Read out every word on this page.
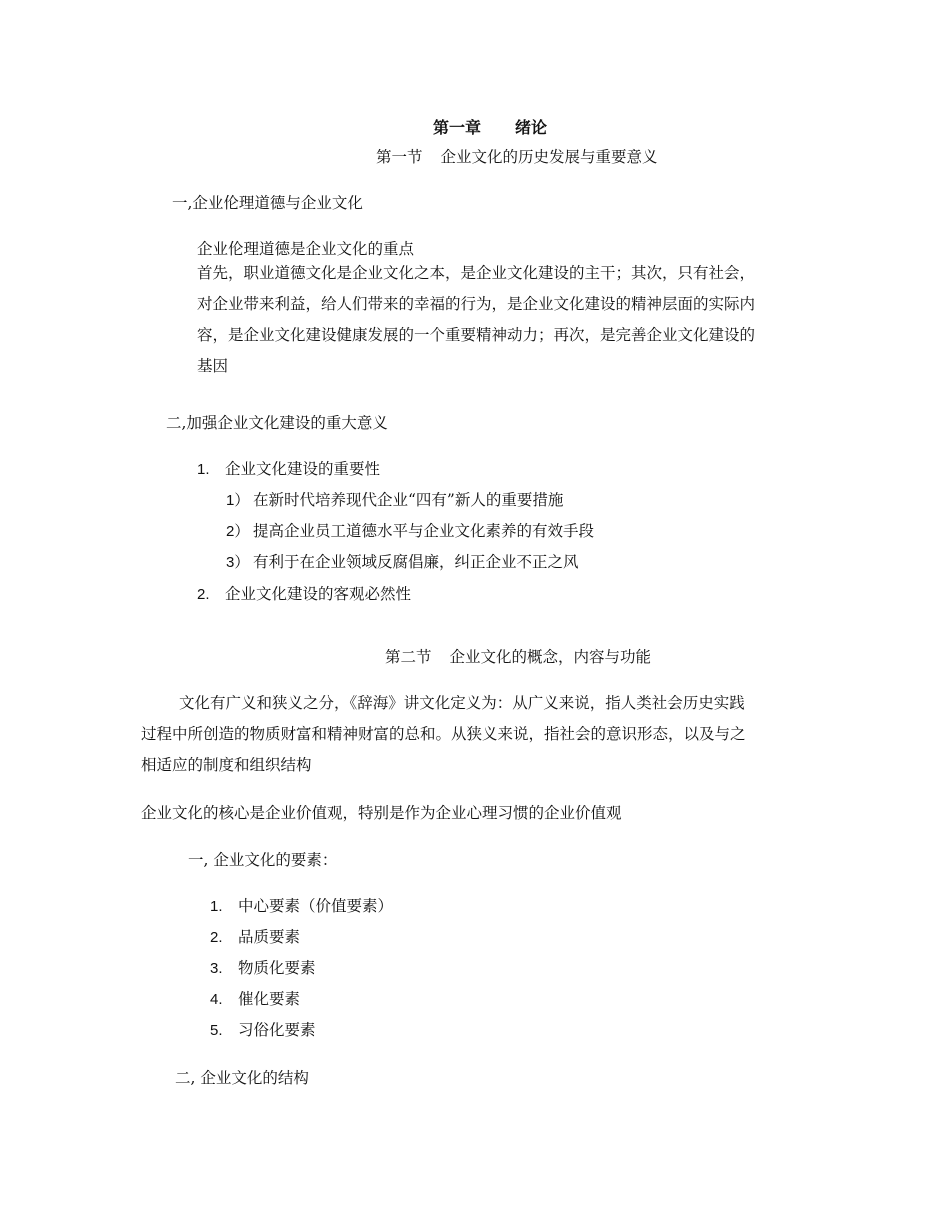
第一章 绪论
第一节 企业文化的历史发展与重要意义
一,企业伦理道德与企业文化
企业伦理道德是企业文化的重点
首先，职业道德文化是企业文化之本，是企业文化建设的主干；其次，只有社会，
对企业带来利益，给人们带来的幸福的行为，是企业文化建设的精神层面的实际内
容，是企业文化建设健康发展的一个重要精神动力；再次，是完善企业文化建设的
基因
二,加强企业文化建设的重大意义
1. 企业文化建设的重要性
1） 在新时代培养现代企业“四有”新人的重要措施
2） 提高企业员工道德水平与企业文化素养的有效手段
3） 有利于在企业领域反腐倡廉，纠正企业不正之风
2. 企业文化建设的客观必然性
第二节 企业文化的概念，内容与功能
文化有广义和狭义之分，《辞海》讲文化定义为：从广义来说，指人类社会历史实践
过程中所创造的物质财富和精神财富的总和。从狭义来说，指社会的意识形态，以及与之
相适应的制度和组织结构
企业文化的核心是企业价值观，特别是作为企业心理习惯的企业价值观
一, 企业文化的要素：
1. 中心要素（价值要素）
2. 品质要素
3. 物质化要素
4. 催化要素
5. 习俗化要素
二, 企业文化的结构
